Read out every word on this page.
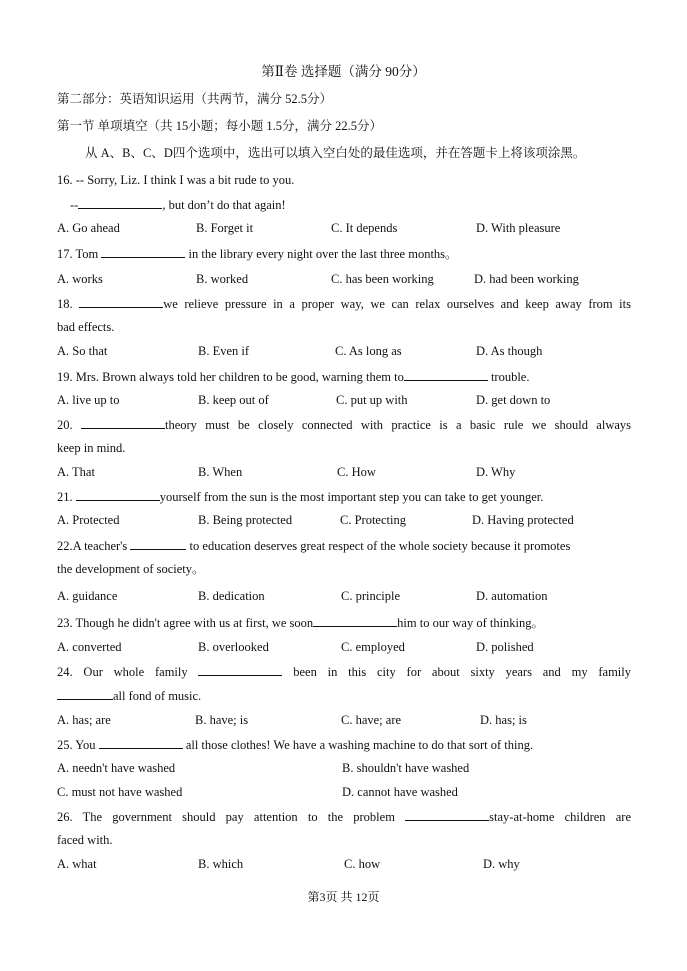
第Ⅱ卷 选择题（满分 90分）
第二部分：英语知识运用（共两节，满分 52.5分）
第一节 单项填空（共 15小题；每小题 1.5分，满分 22.5分）
从 A、B、C、D四个选项中，选出可以填入空白处的最佳选项，并在答题卡上将该项涂黑。
16. -- Sorry, Liz. I think I was a bit rude to you.
--	, but don’t do that again!
A. Go ahead	B. Forget it	C. It depends	D. With pleasure
17. Tom	in the library every night over the last three months。
A. works	B. worked	C. has been working	D. had been working
18.	we relieve pressure in a proper way, we can relax ourselves and keep away from its
bad effects.
A. So that	B. Even if	C. As long as	D. As though
19. Mrs. Brown always told her children to be good, warning them to	trouble.
A. live up to	B. keep out of	C. put up with	D. get down to
20.	theory must be closely connected with practice is a basic rule we should always
keep in mind.
A. That	B. When	C. How	D. Why
21.	yourself from the sun is the most important step you can take to get younger.
A. Protected	B. Being protected	C. Protecting	D. Having protected
22.A teacher's	to education deserves great respect of the whole society because it promotes
the development of society。
A. guidance	B. dedication	C. principle	D. automation
23. Though he didn't agree with us at first, we soon	him to our way of thinking。
A. converted	B. overlooked	C. employed	D. polished
24. Our whole family	been in this city for about sixty years and my family
all fond of music.
A. has; are	B. have; is	C. have; are	D. has; is
25. You	all those clothes! We have a washing machine to do that sort of thing.
A. needn't have washed	B. shouldn't have washed
C. must not have washed	D. cannot have washed
26. The government should pay attention to the problem	stay-at-home children are
faced with.
A. what	B. which	C. how	D. why
第3页 共 12页
